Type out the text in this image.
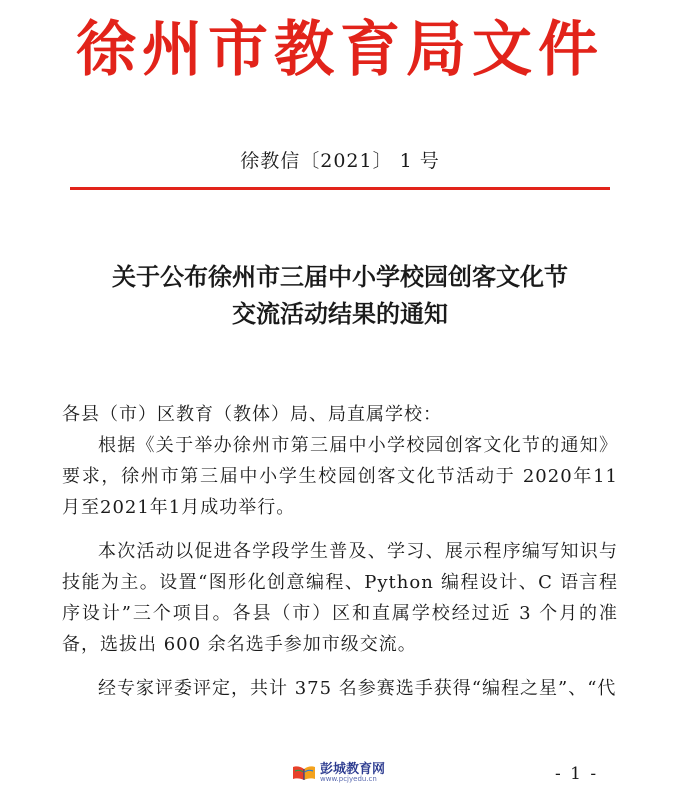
徐州市教育局文件
徐教信〔2021〕 1 号
关于公布徐州市三届中小学校园创客文化节
交流活动结果的通知

各县（市）区教育（教体）局、局直属学校：

根据《关于举办徐州市第三届中小学校园创客文化节的通知》要求，徐州市第三届中小学生校园创客文化节活动于 2020年11月至2021年1月成功举行。

本次活动以促进各学段学生普及、学习、展示程序编写知识与技能为主。设置“图形化创意编程、Python 编程设计、C 语言程序设计”三个项目。各县（市）区和直属学校经过近 3 个月的准备，选拔出 600 余名选手参加市级交流。

经专家评委评定，共计 375 名参赛选手获得“编程之星”、“代

彭城教育网
www.pcjyedu.cn	- 1 -
